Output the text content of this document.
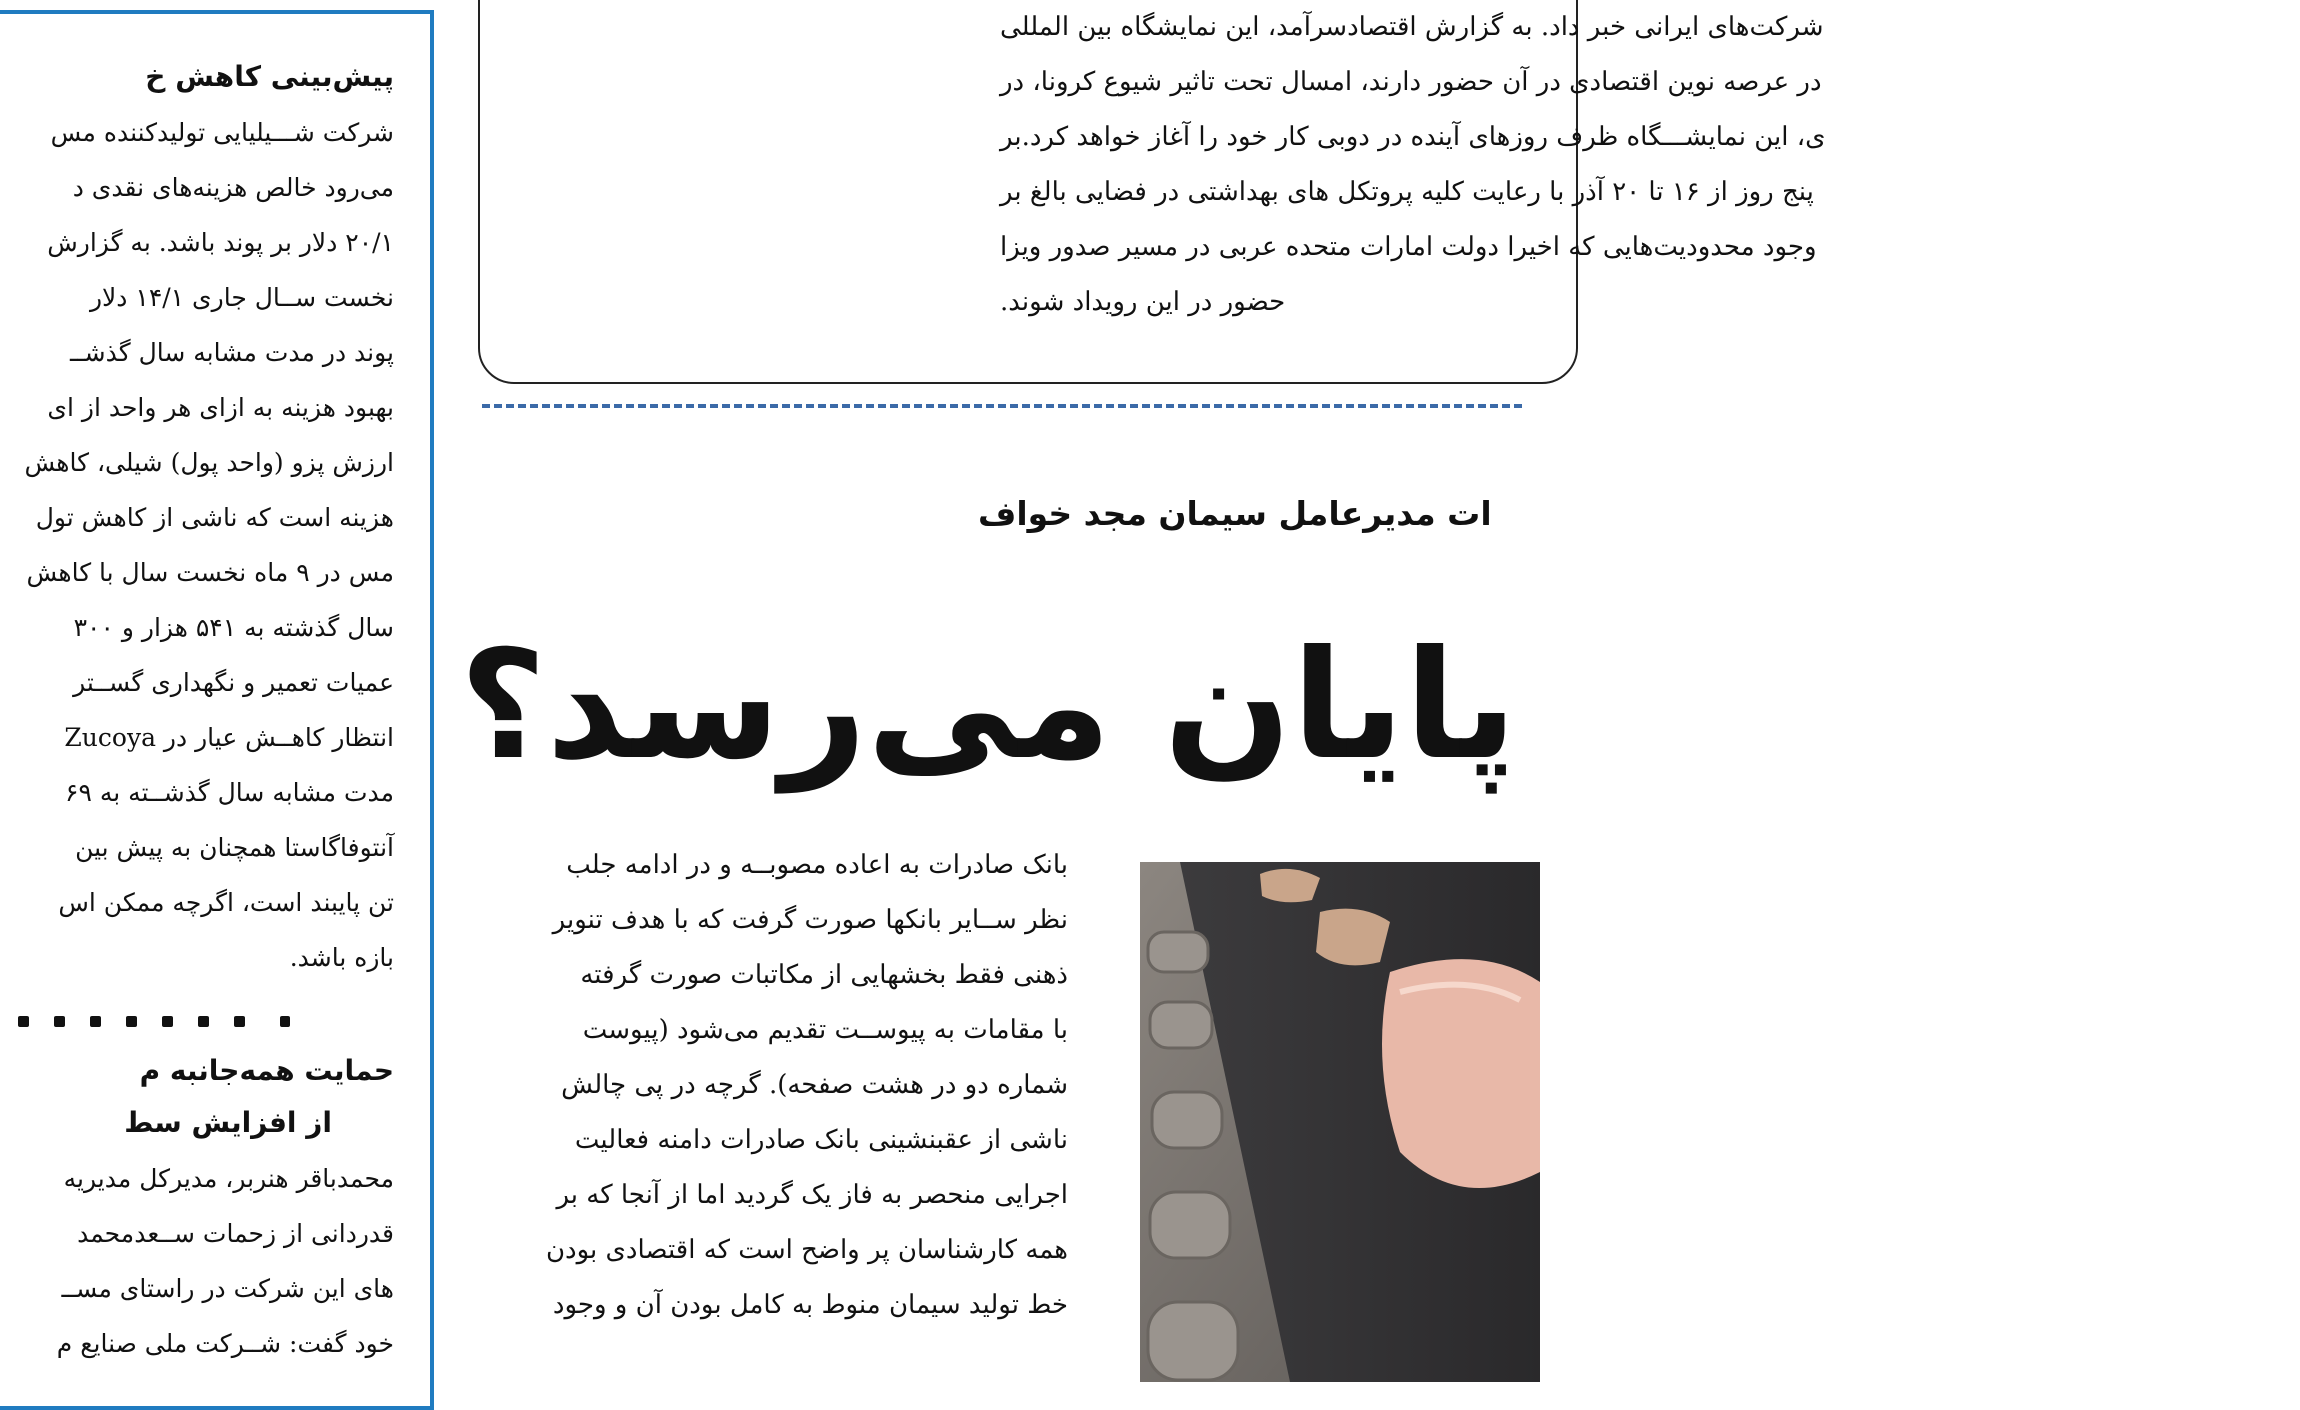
پیش‌بینی کاهش خ
شرکت شـــیلیایی تولیدکننده مس
می‌رود خالص هزینه‌های نقدی د
۲۰/۱ دلار بر پوند باشد. به گزارش
نخست ســال جاری ۱۴/۱ دلار
پوند در مدت مشابه سال گذشــ
بهبود هزینه به ازای هر واحد از ای
ارزش پزو (واحد پول) شیلی، کاهش
هزینه است که ناشی از کاهش تول
مس در ۹ ماه نخست سال با کاهش
سال گذشته به ۵۴۱ هزار و ۳۰۰
عمیات تعمیر و نگهداری گســتر
انتظار کاهــش عیار در Zucoya
مدت مشابه سال گذشــته به ۶۹
آنتوفاگاستا همچنان به پیش بین
تن پایبند است، اگرچه ممکن اس
بازه باشد.
حمایت همه‌جانبه م
از افزایش سط
محمدباقر هنربر، مدیرکل مدیریه
قدردانی از زحمات ســعدمحمد
های این شرکت در راستای مســ
خود گفت: شــرکت ملی صنایع م
شرکت‌های ایرانی خبر داد. به گزارش اقتصادسرآمد، این نمایشگاه بین المللی
در عرصه نوین اقتصادی در آن حضور دارند، امسال تحت تاثیر شیوع کرونا، در
ی، این نمایشـــگاه ظرف روزهای آینده در دوبی کار خود را آغاز خواهد کرد.بر
پنج روز از ۱۶ تا ۲۰ آذر با رعایت کلیه پروتکل های بهداشتی در فضایی بالغ بر
وجود محدودیت‌هایی که اخیرا دولت امارات متحده عربی در مسیر صدور ویزا
حضور در این رویداد شوند.
ات مدیرعامل سیمان مجد خواف
پایان می‌رسد؟
بانک صادرات به اعاده مصوبــه و در ادامه جلب
نظر ســایر بانکها صورت گرفت که با هدف تنویر
ذهنی فقط بخشهایی از مکاتبات صورت گرفته
با مقامات به پیوســت تقدیم می‌شود (پیوست
شماره دو در هشت صفحه). گرچه در پی چالش
ناشی از عقبنشینی بانک صادرات دامنه فعالیت
اجرایی منحصر به فاز یک گردید اما از آنجا که بر
همه کارشناسان پر واضح است که اقتصادی بودن
خط تولید سیمان منوط به کامل بودن آن و وجود
